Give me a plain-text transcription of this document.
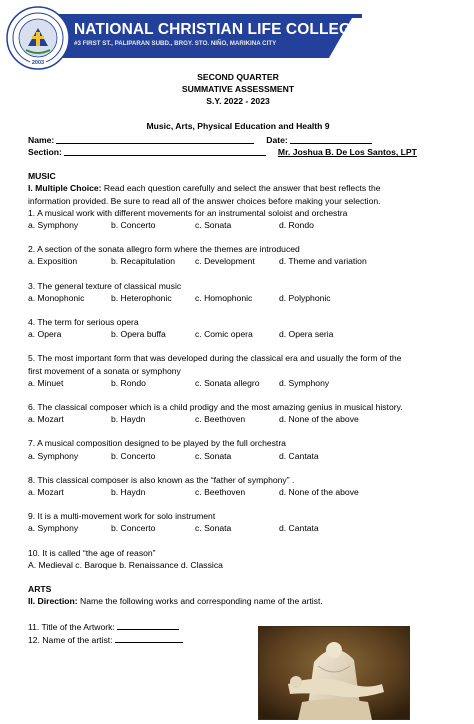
2003
NATIONAL CHRISTIAN LIFE COLLEGE, INC.
#3 FIRST ST., PALIPARAN SUBD., BRGY. STO. NIÑO, MARIKINA CITY
SECOND QUARTER
SUMMATIVE ASSESSMENT
S.Y. 2022 - 2023
Music, Arts, Physical Education and Health 9
Name:	Date:
Section:	Mr. Joshua B. De Los Santos, LPT
MUSIC
I. Multiple Choice: Read each question carefully and select the answer that best reflects the
information provided. Be sure to read all of the answer choices before making your selection.
1. A musical work with different movements for an instrumental soloist and orchestra
a. Symphony	b. Concerto	c. Sonata	d. Rondo
2. A section of the sonata allegro form where the themes are introduced
a. Exposition	b. Recapitulation	c. Development	d. Theme and variation
3. The general texture of classical music
a. Monophonic	b. Heterophonic	c. Homophonic	d. Polyphonic
4. The term for serious opera
a. Opera	b. Opera buffa	c. Comic opera	d. Opera seria
5. The most important form that was developed during the classical era and usually the form of the
first movement of a sonata or symphony
a. Minuet	b. Rondo	c. Sonata allegro	d. Symphony
6. The classical composer which is a child prodigy and the most amazing genius in musical history.
a. Mozart	b. Haydn	c. Beethoven	d. None of the above
7. A musical composition designed to be played by the full orchestra
a. Symphony	b. Concerto	c. Sonata	d. Cantata
8. This classical composer is also known as the “father of symphony” .
a. Mozart	b. Haydn	c. Beethoven	d. None of the above
9. It is a multi-movement work for solo instrument
a. Symphony	b. Concerto	c. Sonata	d. Cantata
10. It is called “the age of reason”
A. Medieval c. Baroque b. Renaissance d. Classica
ARTS
II. Direction: Name the following works and corresponding name of the artist.
11. Title of the Artwork:
12. Name of the artist:
